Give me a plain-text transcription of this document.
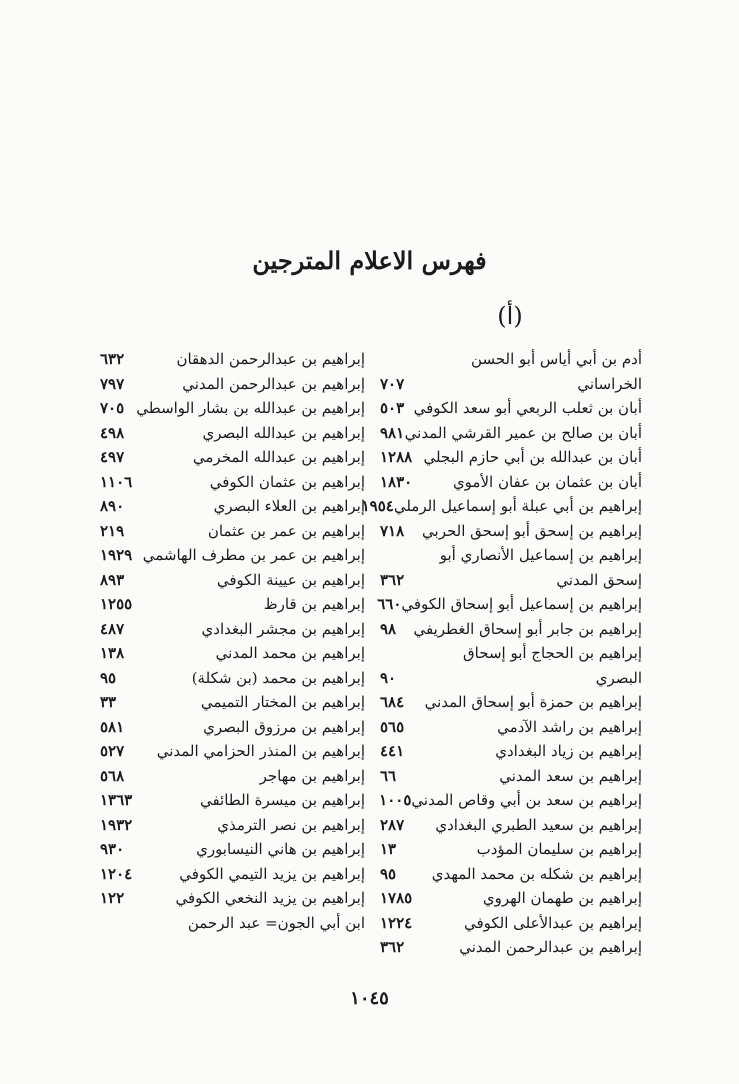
فهرس الاعلام المترجين
(أ)
أدم بن أبي أياس أبو الحسن
الخراساني
٧٠٧
أبان بن ثعلب الربعي أبو سعد الكوفي
٥٠٣
أبان بن صالح بن عمير القرشي المدني
٩٨١
أبان بن عبدالله بن أبي حازم البجلي
١٢٨٨
أبان بن عثمان بن عفان الأموي
١٨٣٠
إبراهيم بن أبي عبلة أبو إسماعيل الرملي
١٩٥٤
إبراهيم بن إسحق أبو إسحق الحربي
٧١٨
إبراهيم بن إسماعيل الأنصاري أبو
إسحق المدني
٣٦٢
إبراهيم بن إسماعيل أبو إسحاق الكوفي
٦٦٠
إبراهيم بن جابر أبو إسحاق الغطريفي
٩٨
إبراهيم بن الحجاج أبو إسحاق
البصري
٩٠
إبراهيم بن حمزة أبو إسحاق المدني
٦٨٤
إبراهيم بن راشد الآدمي
٥٦٥
إبراهيم بن زياد البغدادي
٤٤١
إبراهيم بن سعد المدني
٦٦
إبراهيم بن سعد بن أبي وقاص المدني
١٠٠٥
إبراهيم بن سعيد الطبري البغدادي
٢٨٧
إبراهيم بن سليمان المؤدب
١٣
إبراهيم بن شكله بن محمد المهدي
٩٥
إبراهيم بن طهمان الهروي
١٧٨٥
إبراهيم بن عبدالأعلى الكوفي
١٢٢٤
إبراهيم بن عبدالرحمن المدني
٣٦٢
إبراهيم بن عبدالرحمن الدهقان
٦٣٢
إبراهيم بن عبدالرحمن المدني
٧٩٧
إبراهيم بن عبدالله بن بشار الواسطي
٧٠٥
إبراهيم بن عبدالله البصري
٤٩٨
إبراهيم بن عبدالله المخرمي
٤٩٧
إبراهيم بن عثمان الكوفي
١١٠٦
إبراهيم بن العلاء البصري
٨٩٠
إبراهيم بن عمر بن عثمان
٢١٩
إبراهيم بن عمر بن مطرف الهاشمي
١٩٢٩
إبراهيم بن عيينة الكوفي
٨٩٣
إبراهيم بن قارظ
١٢٥٥
إبراهيم بن مجشر البغدادي
٤٨٧
إبراهيم بن محمد المدني
١٣٨
إبراهيم بن محمد (بن شكلة)
٩٥
إبراهيم بن المختار التميمي
٣٣
إبراهيم بن مرزوق البصري
٥٨١
إبراهيم بن المنذر الحزامي المدني
٥٢٧
إبراهيم بن مهاجر
٥٦٨
إبراهيم بن ميسرة الطائفي
١٣٦٣
إبراهيم بن نصر الترمذي
١٩٣٢
إبراهيم بن هاني النيسابوري
٩٣٠
إبراهيم بن يزيد التيمي الكوفي
١٢٠٤
إبراهيم بن يزيد النخعي الكوفي
١٢٢
ابن أبي الجون= عبد الرحمن
١٠٤٥
